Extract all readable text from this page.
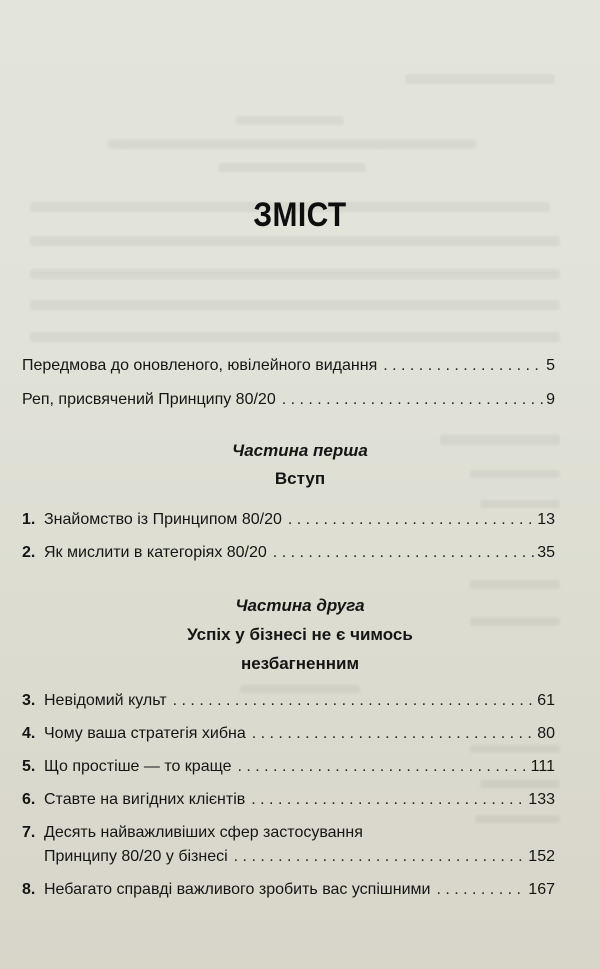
ЗМІСТ
Передмова до оновленого, ювілейного видання . . .	5
Реп, присвячений Принципу 80/20 . . .	9
Частина перша
Вступ
1. Знайомство із Принципом 80/20 . . .	13
2. Як мислити в категоріях 80/20 . . .	35
Частина друга
Успіх у бізнесі не є чимось
незбагненним
3. Невідомий культ . . .	61
4. Чому ваша стратегія хибна . . .	80
5. Що простіше — то краще . . .	111
6. Ставте на вигідних клієнтів . . .	133
7. Десять найважливіших сфер застосування
Принципу 80/20 у бізнесі . . .	152
8. Небагато справді важливого зробить вас успішними . . .	167
